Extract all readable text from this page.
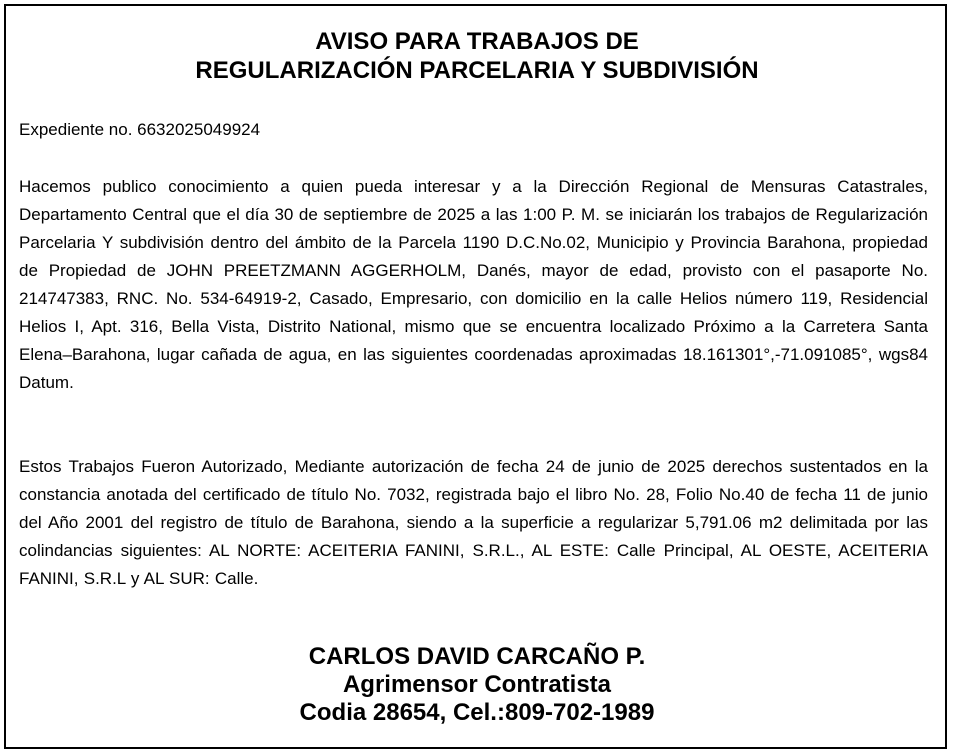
AVISO PARA TRABAJOS DE
REGULARIZACIÓN PARCELARIA Y SUBDIVISIÓN
Expediente no. 6632025049924
Hacemos publico conocimiento a quien pueda interesar y a la Dirección Regional de Mensuras Catastrales, Departamento Central que el día 30 de septiembre de 2025 a las 1:00 P. M. se iniciarán los trabajos de Regularización Parcelaria Y subdivisión dentro del ámbito de la Parcela 1190 D.C.No.02, Municipio y Provincia Barahona, propiedad de Propiedad de JOHN PREETZMANN AGGERHOLM, Danés, mayor de edad, provisto con el pasaporte No. 214747383, RNC. No. 534-64919-2, Casado, Empresario, con domicilio en la calle Helios número 119, Residencial Helios I, Apt. 316, Bella Vista, Distrito National, mismo que se encuentra localizado Próximo a la Carretera Santa Elena–Barahona, lugar cañada de agua, en las siguientes coordenadas aproximadas 18.161301°,-71.091085°, wgs84 Datum.
Estos Trabajos Fueron Autorizado, Mediante autorización de fecha 24 de junio de 2025 derechos sustentados en la constancia anotada del certificado de título No. 7032, registrada bajo el libro No. 28, Folio No.40 de fecha 11 de junio del Año 2001 del registro de título de Barahona, siendo a la superficie a regularizar 5,791.06 m2 delimitada por las colindancias siguientes: AL NORTE: ACEITERIA FANINI, S.R.L., AL ESTE: Calle Principal, AL OESTE, ACEITERIA FANINI, S.R.L y AL SUR: Calle.
CARLOS DAVID CARCAÑO P.
Agrimensor Contratista
Codia 28654, Cel.:809-702-1989
